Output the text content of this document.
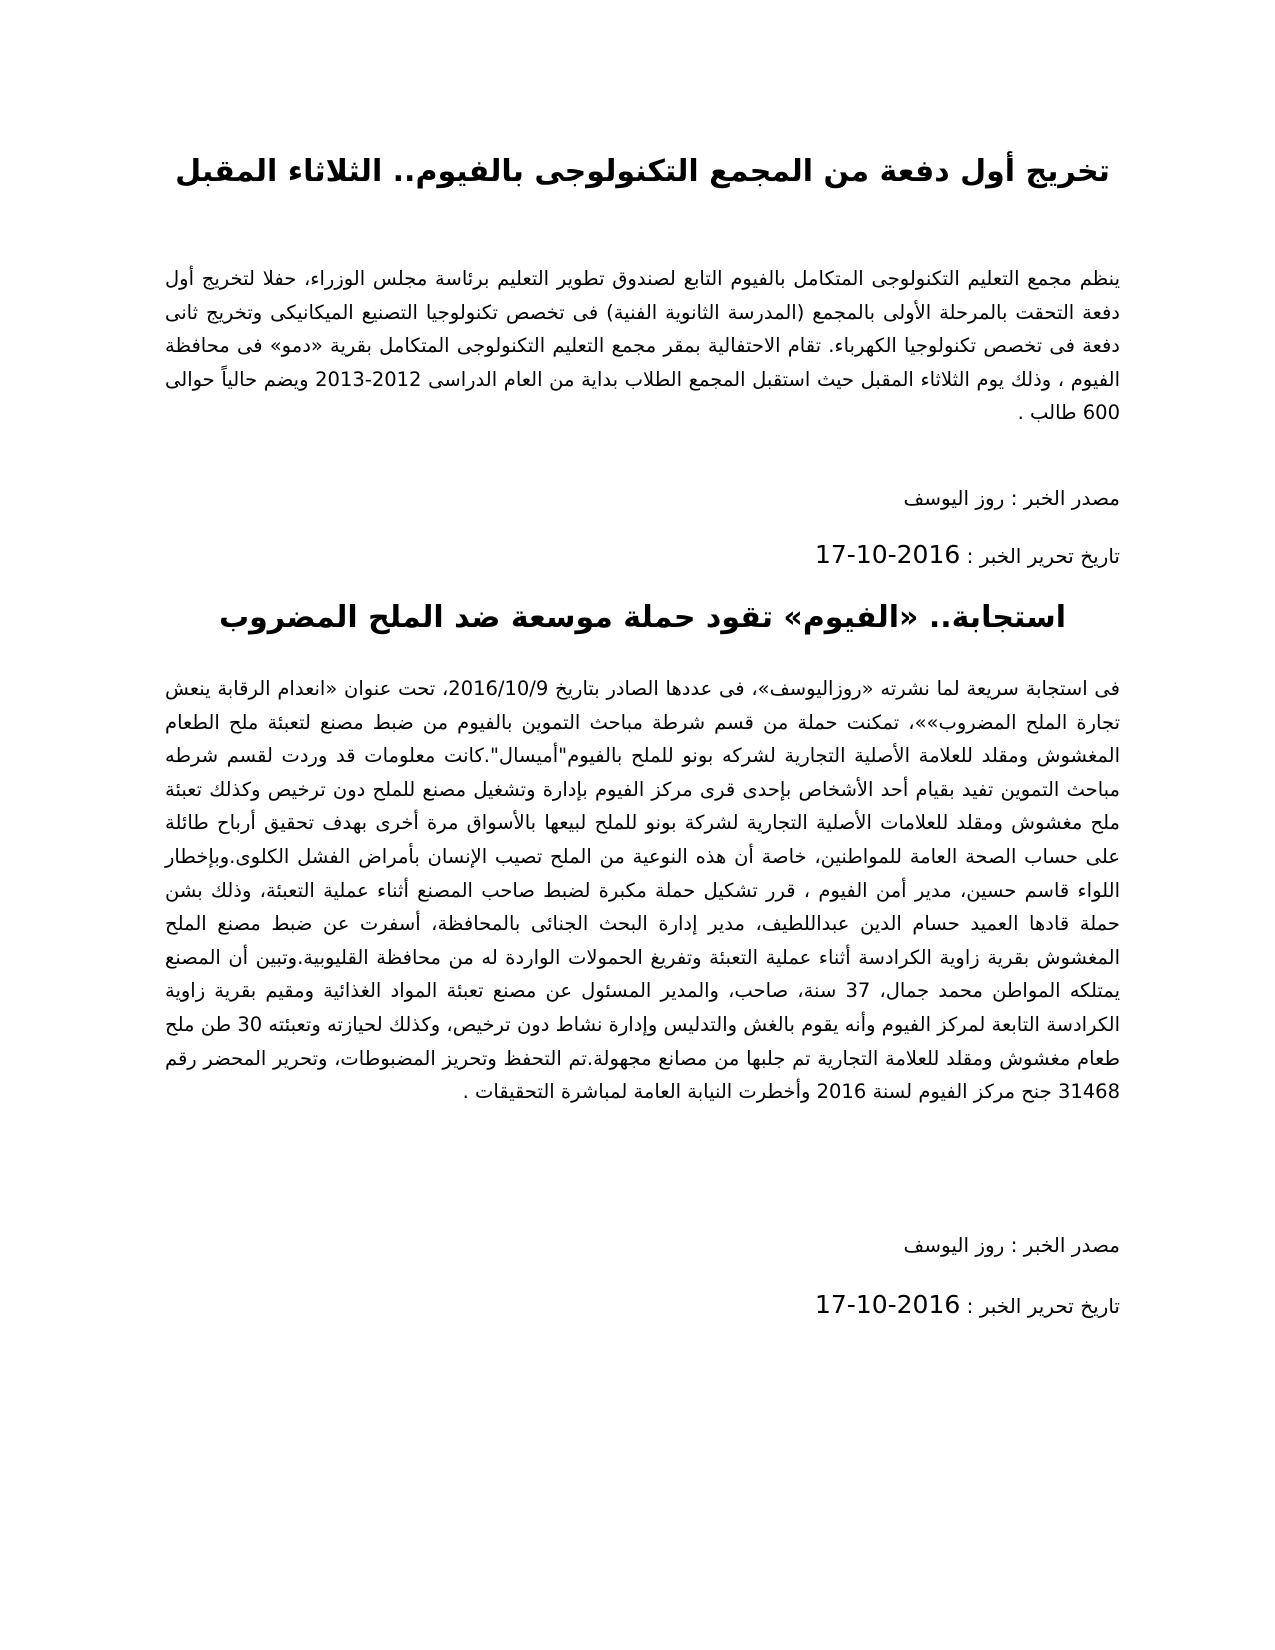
تخريج أول دفعة من المجمع التكنولوجى بالفيوم.. الثلاثاء المقبل

ينظم مجمع التعليم التكنولوجى المتكامل بالفيوم التابع لصندوق تطوير التعليم برئاسة مجلس الوزراء، حفلا لتخريج أول دفعة التحقت بالمرحلة الأولى بالمجمع (المدرسة الثانوية الفنية) فى تخصص تكنولوجيا التصنيع الميكانيكى وتخريج ثانى دفعة فى تخصص تكنولوجيا الكهرباء. تقام الاحتفالية بمقر مجمع التعليم التكنولوجى المتكامل بقرية «دمو» فى محافظة الفيوم ، وذلك يوم الثلاثاء المقبل حيث استقبل المجمع الطلاب بداية من العام الدراسى 2012-2013 ويضم حالياً حوالى 600 طالب .

مصدر الخبر : روز اليوسف

تاريخ تحرير الخبر : 2016-10-17

استجابة.. «الفيوم» تقود حملة موسعة ضد الملح المضروب

فى استجابة سريعة لما نشرته «روزاليوسف»، فى عددها الصادر بتاريخ 2016/10/9، تحت عنوان «انعدام الرقابة ينعش تجارة الملح المضروب»»، تمكنت حملة من قسم شرطة مباحث التموين بالفيوم من ضبط مصنع لتعبئة ملح الطعام المغشوش ومقلد للعلامة الأصلية التجارية لشركه بونو للملح بالفيوم"أميسال".كانت معلومات قد وردت لقسم شرطه مباحث التموين تفيد بقيام أحد الأشخاص بإحدى قرى مركز الفيوم بإدارة وتشغيل مصنع للملح دون ترخيص وكذلك تعبئة ملح مغشوش ومقلد للعلامات الأصلية التجارية لشركة بونو للملح لبيعها بالأسواق مرة أخرى بهدف تحقيق أرباح طائلة على حساب الصحة العامة للمواطنين، خاصة أن هذه النوعية من الملح تصيب الإنسان بأمراض الفشل الكلوى.وبإخطار اللواء قاسم حسين، مدير أمن الفيوم ، قرر تشكيل حملة مكبرة لضبط صاحب المصنع أثناء عملية التعبئة، وذلك بشن حملة قادها العميد حسام الدين عبداللطيف، مدير إدارة البحث الجنائى بالمحافظة، أسفرت عن ضبط مصنع الملح المغشوش بقرية زاوية الكرادسة أثناء عملية التعبئة وتفريغ الحمولات الواردة له من محافظة القليوبية.وتبين أن المصنع يمتلكه المواطن محمد جمال، 37 سنة، صاحب، والمدير المسئول عن مصنع تعبئة المواد الغذائية ومقيم بقرية زاوية الكرادسة التابعة لمركز الفيوم وأنه يقوم بالغش والتدليس وإدارة نشاط دون ترخيص، وكذلك لحيازته وتعبئته 30 طن ملح طعام مغشوش ومقلد للعلامة التجارية تم جلبها من مصانع مجهولة.تم التحفظ وتحريز المضبوطات، وتحرير المحضر رقم 31468 جنح مركز الفيوم لسنة 2016 وأخطرت النيابة العامة لمباشرة التحقيقات .

مصدر الخبر : روز اليوسف

تاريخ تحرير الخبر : 2016-10-17
